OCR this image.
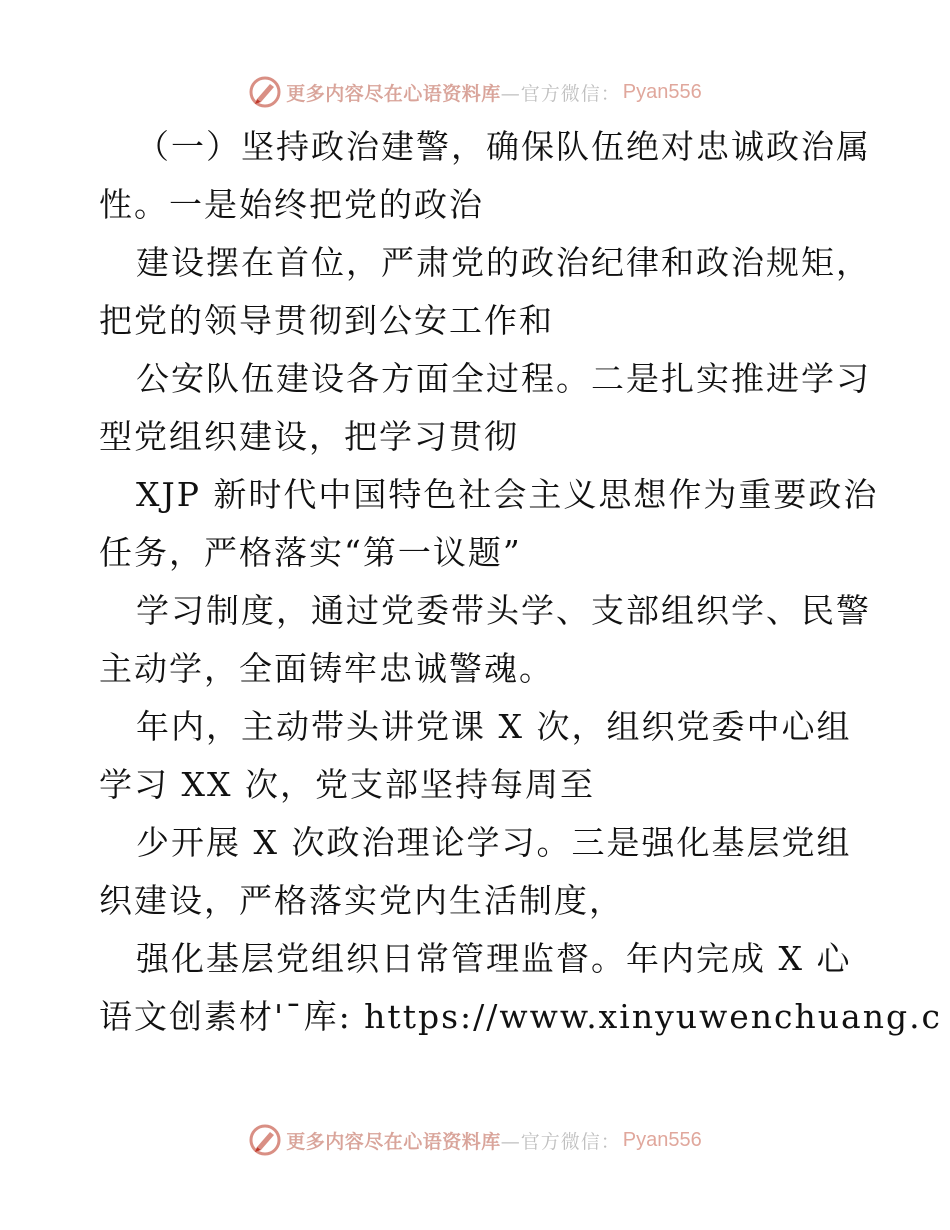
更多内容尽在心语资料库 —官方微信： Pyan556
（一）坚持政治建警，确保队伍绝对忠诚政治属
性。一是始终把党的政治
建设摆在首位，严肃党的政治纪律和政治规矩，
把党的领导贯彻到公安工作和
公安队伍建设各方面全过程。二是扎实推进学习
型党组织建设，把学习贯彻
XJP 新时代中国特色社会主义思想作为重要政治
任务，严格落实“第一议题”
学习制度，通过党委带头学、支部组织学、民警
主动学，全面铸牢忠诚警魂。
年内，主动带头讲党课 X 次，组织党委中心组
学习 XX 次，党支部坚持每周至
少开展 X 次政治理论学习。三是强化基层党组
织建设，严格落实党内生活制度，
强化基层党组织日常管理监督。年内完成 X 心
语文创素材'¯库: https://www.xinyuwenchuang.c
更多内容尽在心语资料库 —官方微信： Pyan556
